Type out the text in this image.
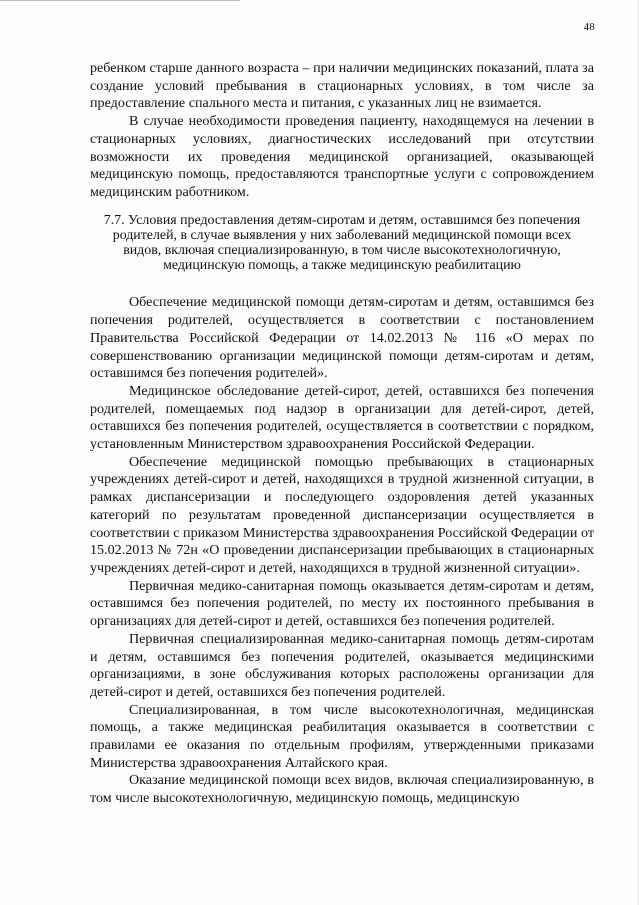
48

ребенком старше данного возраста – при наличии медицинских показаний, плата за создание условий пребывания в стационарных условиях, в том числе за предоставление спального места и питания, с указанных лиц не взимается.

В случае необходимости проведения пациенту, находящемуся на лечении в стационарных условиях, диагностических исследований при отсутствии возможности их проведения медицинской организацией, оказывающей медицинскую помощь, предоставляются транспортные услуги с сопровождением медицинским работником.

7.7. Условия предоставления детям-сиротам и детям, оставшимся без попечения родителей, в случае выявления у них заболеваний медицинской помощи всех видов, включая специализированную, в том числе высокотехнологичную, медицинскую помощь, а также медицинскую реабилитацию

Обеспечение медицинской помощи детям-сиротам и детям, оставшимся без попечения родителей, осуществляется в соответствии с постановлением Правительства Российской Федерации от 14.02.2013 № 116 «О мерах по совершенствованию организации медицинской помощи детям-сиротам и детям, оставшимся без попечения родителей».

Медицинское обследование детей-сирот, детей, оставшихся без попечения родителей, помещаемых под надзор в организации для детей-сирот, детей, оставшихся без попечения родителей, осуществляется в соответствии с порядком, установленным Министерством здравоохранения Российской Федерации.

Обеспечение медицинской помощью пребывающих в стационарных учреждениях детей-сирот и детей, находящихся в трудной жизненной ситуации, в рамках диспансеризации и последующего оздоровления детей указанных категорий по результатам проведенной диспансеризации осуществляется в соответствии с приказом Министерства здравоохранения Российской Федерации от 15.02.2013 № 72н «О проведении диспансеризации пребывающих в стационарных учреждениях детей-сирот и детей, находящихся в трудной жизненной ситуации».

Первичная медико-санитарная помощь оказывается детям-сиротам и детям, оставшимся без попечения родителей, по месту их постоянного пребывания в организациях для детей-сирот и детей, оставшихся без попечения родителей.

Первичная специализированная медико-санитарная помощь детям-сиротам и детям, оставшимся без попечения родителей, оказывается медицинскими организациями, в зоне обслуживания которых расположены организации для детей-сирот и детей, оставшихся без попечения родителей.

Специализированная, в том числе высокотехнологичная, медицинская помощь, а также медицинская реабилитация оказывается в соответствии с правилами ее оказания по отдельным профилям, утвержденными приказами Министерства здравоохранения Алтайского края.

Оказание медицинской помощи всех видов, включая специализированную, в том числе высокотехнологичную, медицинскую помощь, медицинскую
